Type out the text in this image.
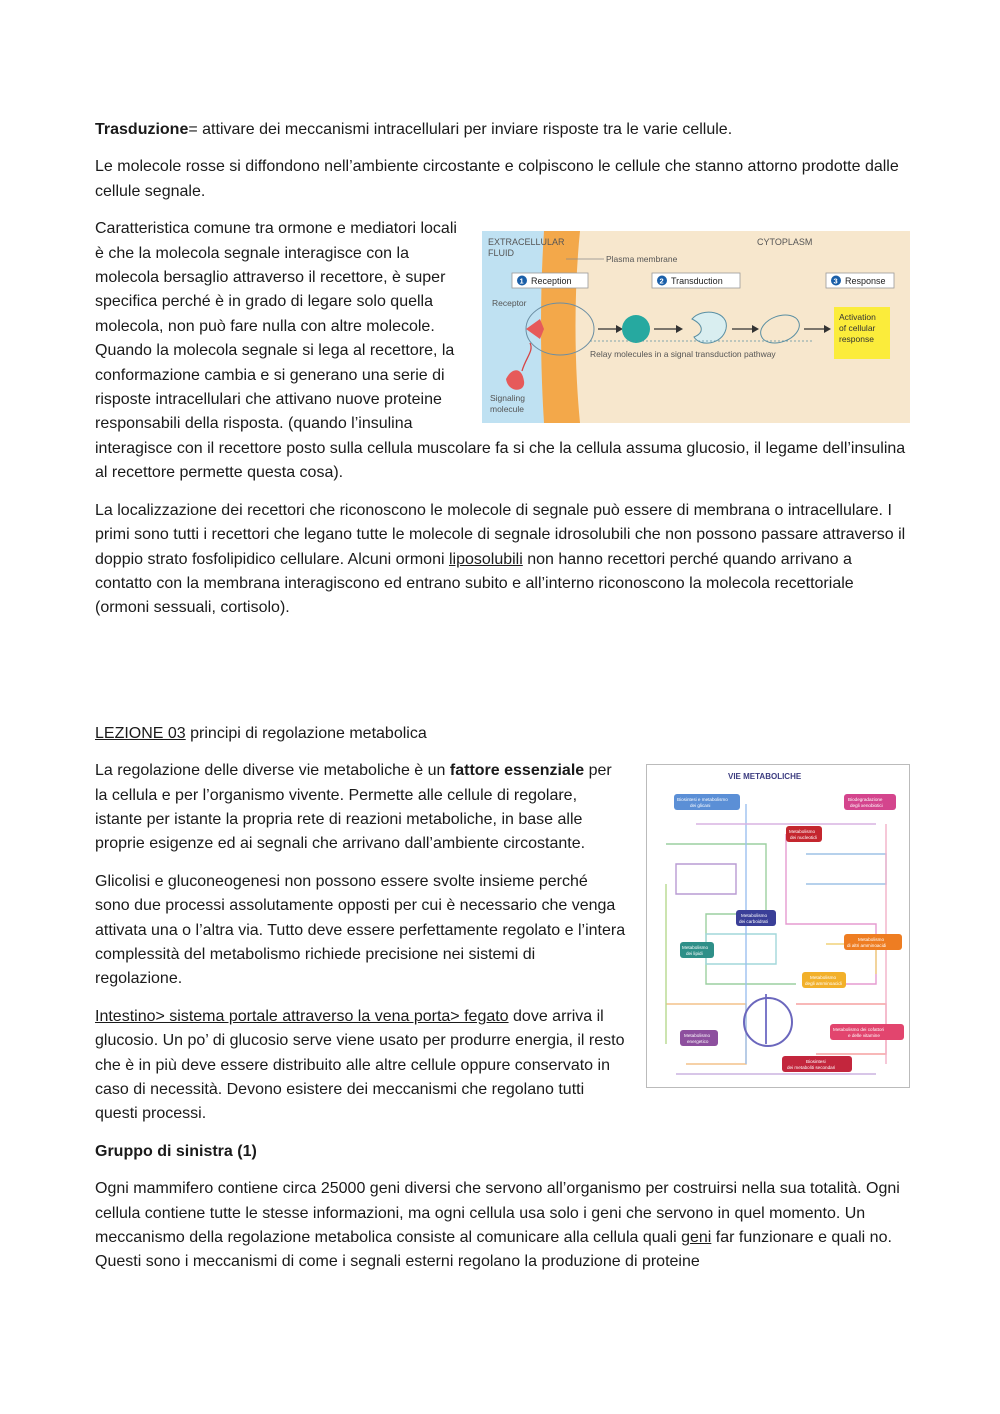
Trasduzione= attivare dei meccanismi intracellulari per inviare risposte tra le varie cellule.

Le molecole rosse si diffondono nell’ambiente circostante e colpiscono le cellule che stanno attorno prodotte dalle cellule segnale.

EXTRACELLULAR
FLUID
CYTOPLASM
Plasma membrane
1 Reception	2 Transduction	3 Response
Receptor
Activation
of cellular
response
Relay molecules in a signal transduction pathway
Signaling
molecule

Caratteristica comune tra ormone e mediatori locali è che la molecola segnale interagisce con la molecola bersaglio attraverso il recettore, è super specifica perché è in grado di legare solo quella molecola, non può fare nulla con altre molecole. Quando la molecola segnale si lega al recettore, la conformazione cambia e si generano una serie di risposte intracellulari che attivano nuove proteine responsabili della risposta. (quando l’insulina interagisce con il recettore posto sulla cellula muscolare fa si che la cellula assuma glucosio, il legame dell’insulina al recettore permette questa cosa).

La localizzazione dei recettori che riconoscono le molecole di segnale può essere di membrana o intracellulare. I primi sono tutti i recettori che legano tutte le molecole di segnale idrosolubili che non possono passare attraverso il doppio strato fosfolipidico cellulare. Alcuni ormoni liposolubili non hanno recettori perché quando arrivano a contatto con la membrana interagiscono ed entrano subito e all’interno riconoscono la molecola recettoriale (ormoni sessuali, cortisolo).

LEZIONE 03 principi di regolazione metabolica

VIE METABOLICHE
Biosintesi e metabolismo
dei glicani
Biodegradazione
degli xenobiotici
Metabolismo
dei nucleotidi
Metabolismo
dei carboidrati
Metabolismo
dei lipidi
Metabolismo
di altri amminoacidi
Metabolismo
degli amminoacidi
Metabolismo
energetico
Metabolismo dei cofattori
e delle vitamine
Biosintesi
dei metaboliti secondari

La regolazione delle diverse vie metaboliche è un fattore essenziale per la cellula e per l’organismo vivente. Permette alle cellule di regolare, istante per istante la propria rete di reazioni metaboliche, in base alle proprie esigenze ed ai segnali che arrivano dall’ambiente circostante.

Glicolisi e gluconeogenesi non possono essere svolte insieme perché sono due processi assolutamente opposti per cui è necessario che venga attivata una o l’altra via. Tutto deve essere perfettamente regolato e l’intera complessità del metabolismo richiede precisione nei sistemi di regolazione.

Intestino> sistema portale attraverso la vena porta> fegato dove arriva il glucosio. Un po’ di glucosio serve viene usato per produrre energia, il resto che è in più deve essere distribuito alle altre cellule oppure conservato in caso di necessità. Devono esistere dei meccanismi che regolano tutti questi processi.

Gruppo di sinistra (1)

Ogni mammifero contiene circa 25000 geni diversi che servono all’organismo per costruirsi nella sua totalità. Ogni cellula contiene tutte le stesse informazioni, ma ogni cellula usa solo i geni che servono in quel momento. Un meccanismo della regolazione metabolica consiste al comunicare alla cellula quali geni far funzionare e quali no. Questi sono i meccanismi di come i segnali esterni regolano la produzione di proteine
